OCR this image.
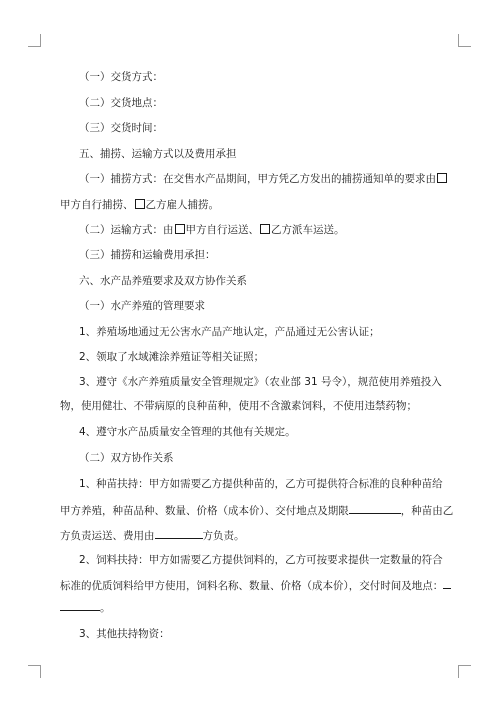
（一）交货方式：
（二）交货地点：
（三）交货时间：
五、捕捞、运输方式以及费用承担
（一）捕捞方式：在交售水产品期间，甲方凭乙方发出的捕捞通知单的要求由
甲方自行捕捞、 乙方雇人捕捞。
（二）运输方式：由 甲方自行运送、 乙方派车运送。
（三）捕捞和运输费用承担：
六、水产品养殖要求及双方协作关系
（一）水产养殖的管理要求
1、养殖场地通过无公害水产品产地认定，产品通过无公害认证；
2、领取了水域滩涂养殖证等相关证照；
3、遵守《水产养殖质量安全管理规定》（农业部 31 号令），规范使用养殖投入
物，使用健壮、不带病原的良种苗种，使用不含激素饲料，不使用违禁药物；
4、遵守水产品质量安全管理的其他有关规定。
（二）双方协作关系
1、种苗扶持：甲方如需要乙方提供种苗的，乙方可提供符合标准的良种种苗给
甲方养殖，种苗品种、数量、价格（成本价）、交付地点及期限	，种苗由乙
方负责运送、费用由	方负责。
2、饲料扶持：甲方如需要乙方提供饲料的，乙方可按要求提供一定数量的符合
标准的优质饲料给甲方使用，饲料名称、数量、价格（成本价），交付时间及地点：
。
3、其他扶持物资：
